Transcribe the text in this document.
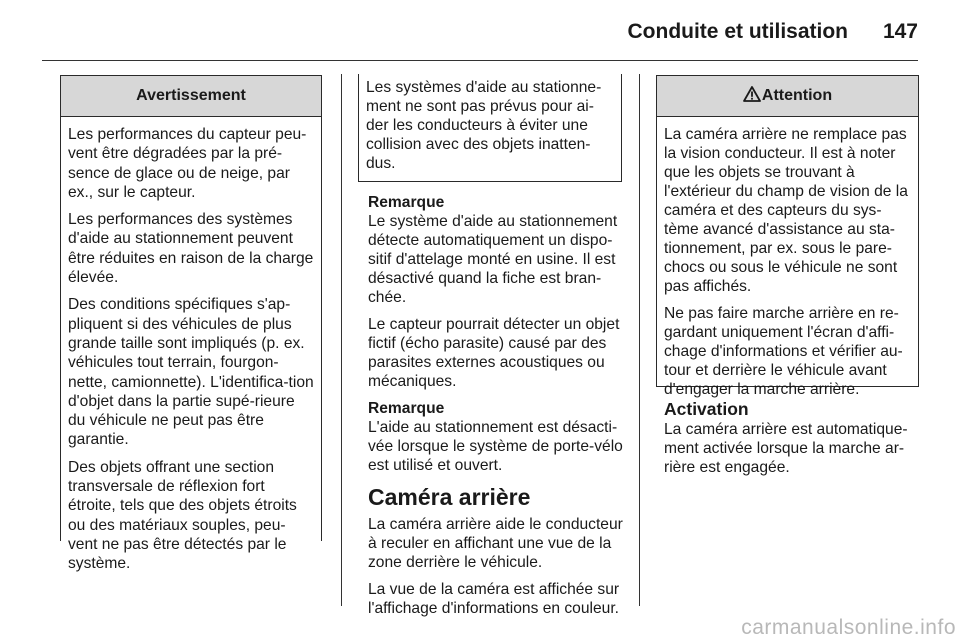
Conduite et utilisation	147
Avertissement

Les performances du capteur peu-vent être dégradées par la pré-sence de glace ou de neige, par ex., sur le capteur.

Les performances des systèmes d'aide au stationnement peuvent être réduites en raison de la charge élevée.

Des conditions spécifiques s'ap-pliquent si des véhicules de plus grande taille sont impliqués (p. ex. véhicules tout terrain, fourgon-nette, camionnette). L'identifica-tion d'objet dans la partie supé-rieure du véhicule ne peut pas être garantie.

Des objets offrant une section transversale de réflexion fort étroite, tels que des objets étroits ou des matériaux souples, peu-vent ne pas être détectés par le système.

Les systèmes d'aide au stationne-ment ne sont pas prévus pour ai-der les conducteurs à éviter une collision avec des objets inatten-dus.

Remarque
Le système d'aide au stationnement détecte automatiquement un dispo-sitif d'attelage monté en usine. Il est désactivé quand la fiche est bran-chée.

Le capteur pourrait détecter un objet fictif (écho parasite) causé par des parasites externes acoustiques ou mécaniques.

Remarque
L'aide au stationnement est désacti-vée lorsque le système de porte-vélo est utilisé et ouvert.

Caméra arrière

La caméra arrière aide le conducteur à reculer en affichant une vue de la zone derrière le véhicule.

La vue de la caméra est affichée sur l'affichage d'informations en couleur.

Attention

La caméra arrière ne remplace pas la vision conducteur. Il est à noter que les objets se trouvant à l'extérieur du champ de vision de la caméra et des capteurs du sys-tème avancé d'assistance au sta-tionnement, par ex. sous le pare-chocs ou sous le véhicule ne sont pas affichés.

Ne pas faire marche arrière en re-gardant uniquement l'écran d'affi-chage d'informations et vérifier au-tour et derrière le véhicule avant d'engager la marche arrière.

Activation

La caméra arrière est automatique-ment activée lorsque la marche ar-rière est engagée.

carmanualsonline.info
